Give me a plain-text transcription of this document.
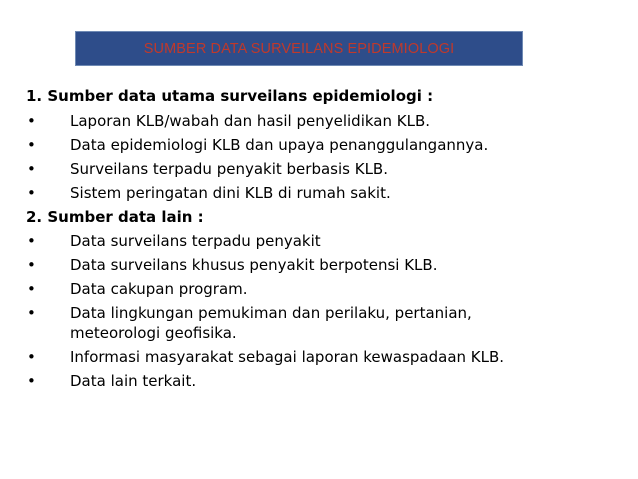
SUMBER DATA SURVEILANS EPIDEMIOLOGI

1. Sumber data utama surveilans epidemiologi :

• Laporan KLB/wabah dan hasil penyelidikan KLB.
• Data epidemiologi KLB dan upaya penanggulangannya.
• Surveilans terpadu penyakit berbasis KLB.
• Sistem peringatan dini KLB di rumah sakit.

2. Sumber data lain :

• Data surveilans terpadu penyakit
• Data surveilans khusus penyakit berpotensi KLB.
• Data cakupan program.
• Data lingkungan pemukiman dan perilaku, pertanian, meteorologi geofisika.
• Informasi masyarakat sebagai laporan kewaspadaan KLB.
• Data lain terkait.
